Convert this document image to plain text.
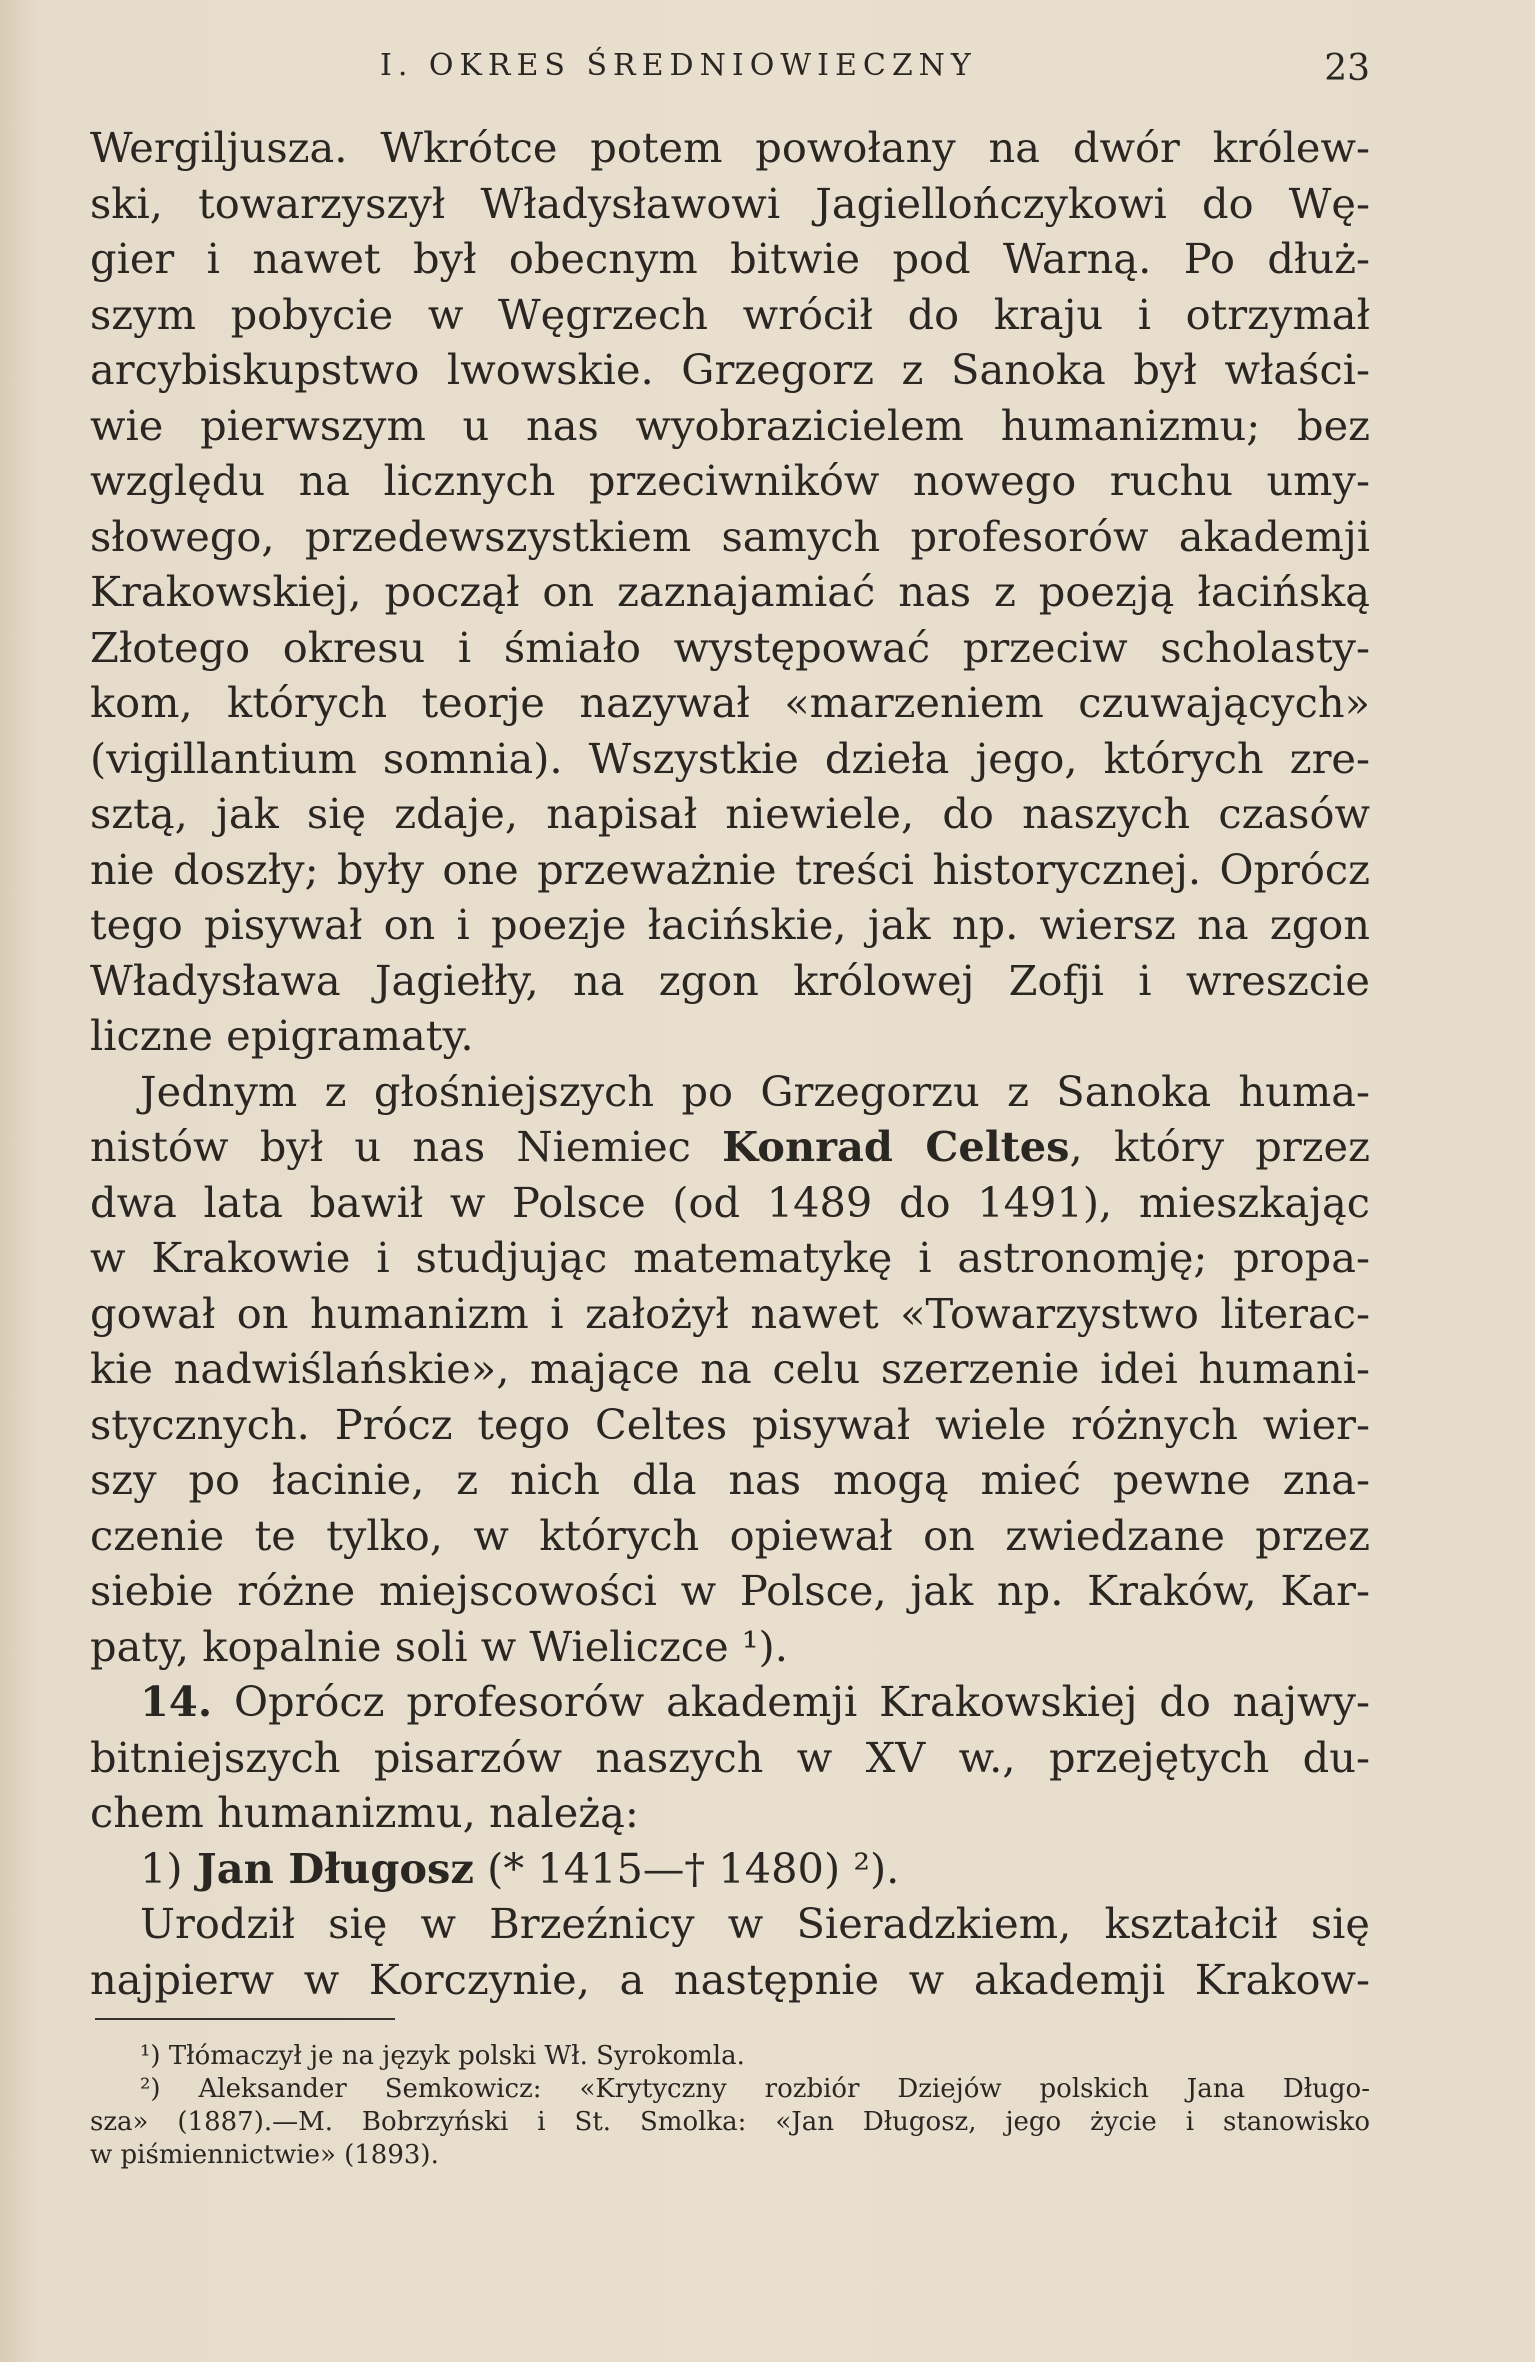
I. OKRES ŚREDNIOWIECZNY	23
Wergiljusza. Wkrótce potem powołany na dwór królew-
ski, towarzyszył Władysławowi Jagiellończykowi do Wę-
gier i nawet był obecnym bitwie pod Warną. Po dłuż-
szym pobycie w Węgrzech wrócił do kraju i otrzymał
arcybiskupstwo lwowskie. Grzegorz z Sanoka był właści-
wie pierwszym u nas wyobrazicielem humanizmu; bez
względu na licznych przeciwników nowego ruchu umy-
słowego, przedewszystkiem samych profesorów akademji
Krakowskiej, począł on zaznajamiać nas z poezją łacińską
Złotego okresu i śmiało występować przeciw scholasty-
kom, których teorje nazywał «marzeniem czuwających»
(vigillantium somnia). Wszystkie dzieła jego, których zre-
sztą, jak się zdaje, napisał niewiele, do naszych czasów
nie doszły; były one przeważnie treści historycznej. Oprócz
tego pisywał on i poezje łacińskie, jak np. wiersz na zgon
Władysława Jagiełły, na zgon królowej Zofji i wreszcie
liczne epigramaty.
Jednym z głośniejszych po Grzegorzu z Sanoka huma-
nistów był u nas Niemiec Konrad Celtes, który przez
dwa lata bawił w Polsce (od 1489 do 1491), mieszkając
w Krakowie i studjując matematykę i astronomję; propa-
gował on humanizm i założył nawet «Towarzystwo literac-
kie nadwiślańskie», mające na celu szerzenie idei humani-
stycznych. Prócz tego Celtes pisywał wiele różnych wier-
szy po łacinie, z nich dla nas mogą mieć pewne zna-
czenie te tylko, w których opiewał on zwiedzane przez
siebie różne miejscowości w Polsce, jak np. Kraków, Kar-
paty, kopalnie soli w Wieliczce ¹).
14. Oprócz profesorów akademji Krakowskiej do najwy-
bitniejszych pisarzów naszych w XV w., przejętych du-
chem humanizmu, należą:
1) Jan Długosz (* 1415—† 1480) ²).
Urodził się w Brzeźnicy w Sieradzkiem, kształcił się
najpierw w Korczynie, a następnie w akademji Krakow-
¹) Tłómaczył je na język polski Wł. Syrokomla.
²) Aleksander Semkowicz: «Krytyczny rozbiór Dziejów polskich Jana Długo-
sza» (1887).—M. Bobrzyński i St. Smolka: «Jan Długosz, jego życie i stanowisko
w piśmiennictwie» (1893).
